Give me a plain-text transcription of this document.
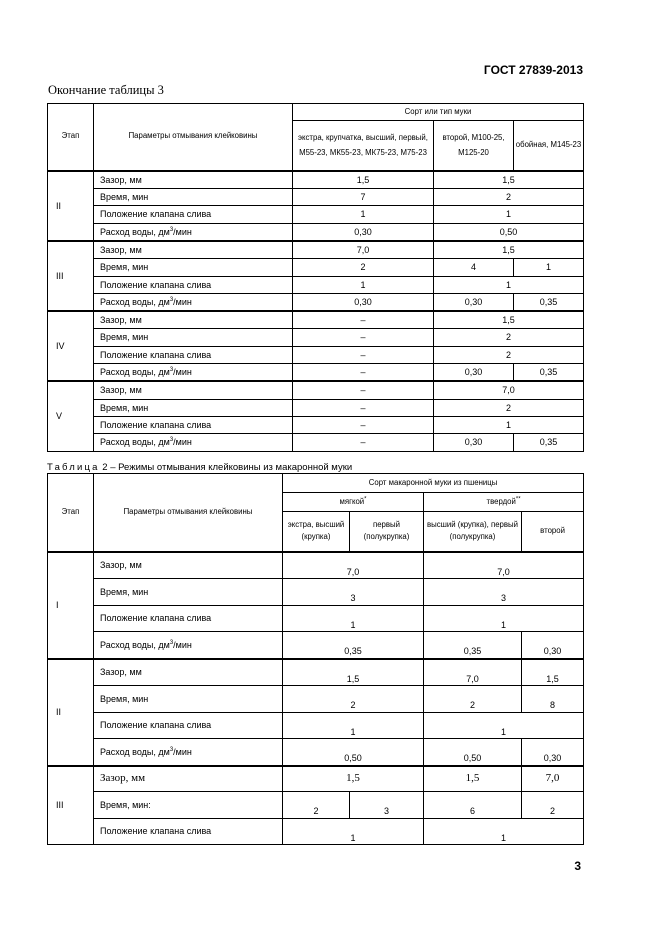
ГОСТ 27839-2013
Окончание таблицы 3
Этап	Параметры отмывания клейковины	Сорт или тип муки		
		экстра, крупчатка, высший, первый, М55-23, МК55-23, МК75-23, М75-23	второй, М100-25, М125-20	обойная, М145-23
II	Зазор, мм	1,5	1,5	
	Время, мин	7	2	
	Положение клапана слива	1	1	
	Расход воды, $дм^3$/мин	0,30	0,50	
III	Зазор, мм	7,0	1,5	
	Время, мин	2	4	1
	Положение клапана слива	1	1	
	Расход воды, $дм^3$/мин	0,30	0,30	0,35
IV	Зазор, мм	–	1,5	
	Время, мин	–	2	
	Положение клапана слива	–	2	
	Расход воды, $дм^3$/мин	–	0,30	0,35
V	Зазор, мм	–	7,0	
	Время, мин	–	2	
	Положение клапана слива	–	1	
	Расход воды, $дм^3$/мин	–	0,30	0,35
Таблица 2 – Режимы отмывания клейковины из макаронной муки
Этап	Параметры отмывания клейковины	Сорт макаронной муки из пшеницы			
		мягкой*		твердой**
		экстра, высший (крупка)	первый (полукрупка)	высший (крупка), первый (полукрупка)	второй
I	Зазор, мм	7,0		7,0	
	Время, мин	3		3	
	Положение клапана слива	1		1	
	Расход воды, $дм^3$/мин	0,35		0,35	0,30
II	Зазор, мм	1,5		7,0	1,5
	Время, мин	2		2	8
	Положение клапана слива	1		1	
	Расход воды, $дм^3$/мин	0,50		0,50	0,30
III	Зазор, мм	1,5		1,5	7,0
	Время, мин:	2	3	6	2
	Положение клапана слива	1		1	
3
